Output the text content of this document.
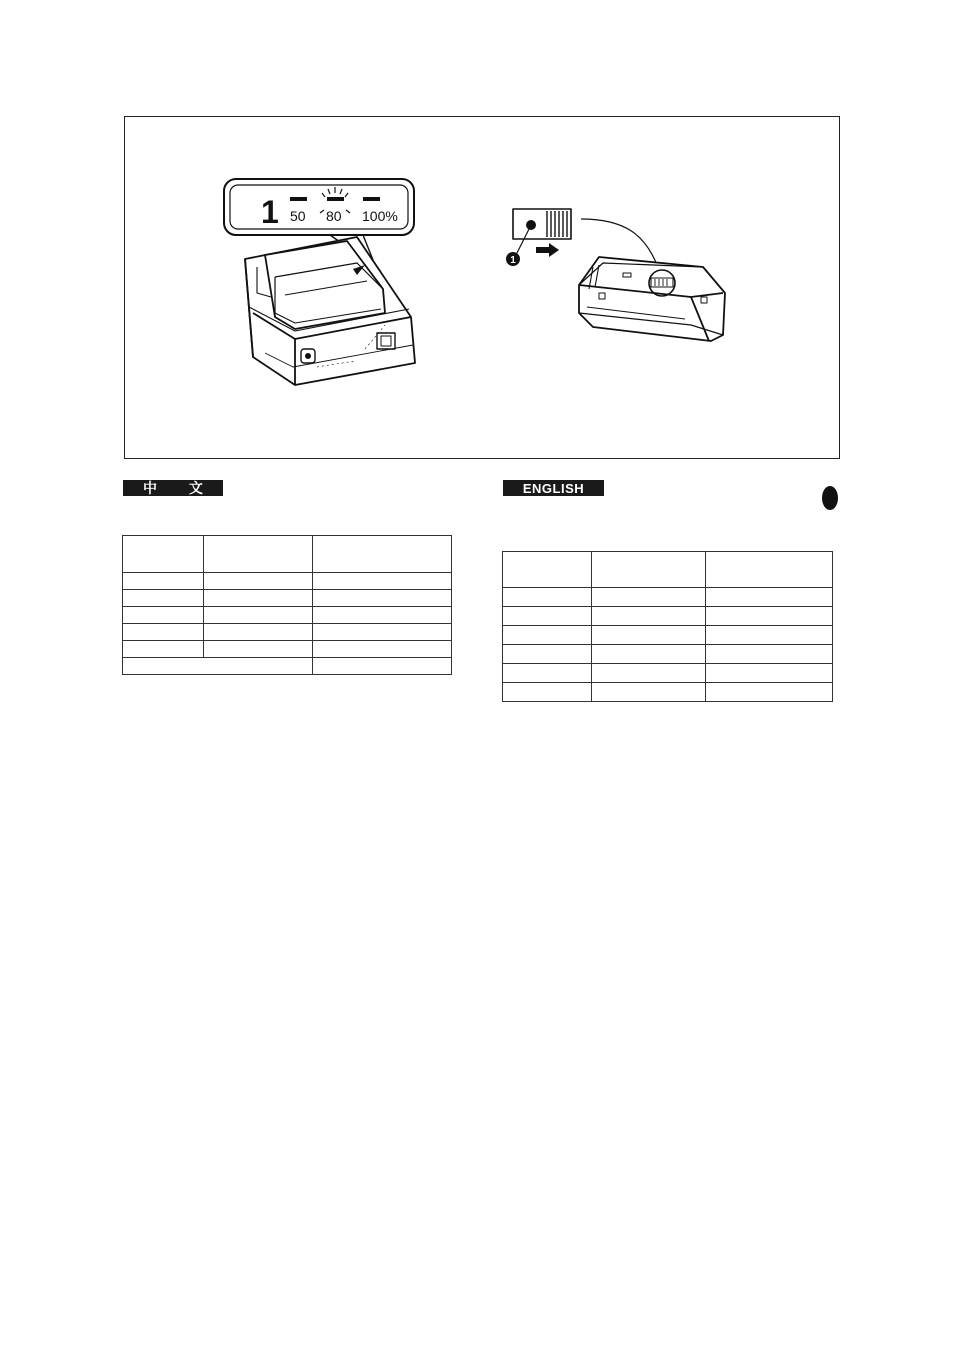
1 50 80 100%
1
中 文	ENGLISH
